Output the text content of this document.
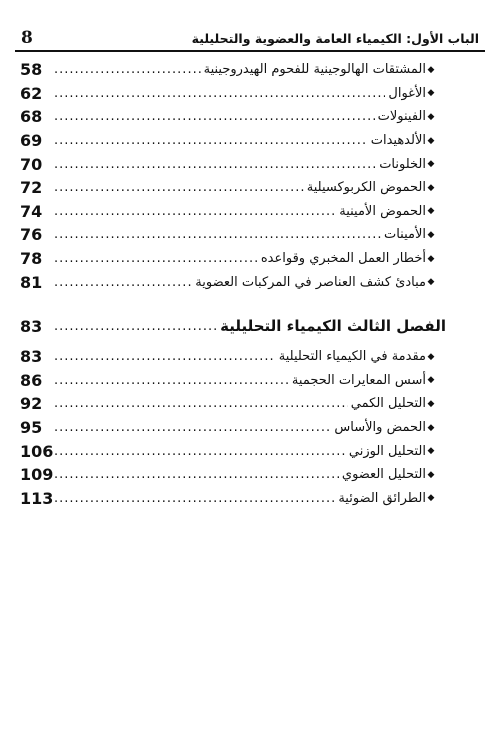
8	الباب الأول: الكيمياء العامة والعضوية والتحليلية
◆
المشتقات الهالوجينية للفحوم الهيدروجينية
.....
58
◆
الأغوال
.....
62
◆
الفينولات
.....
68
◆
الألدهيدات
.....
69
◆
الخلونات
.....
70
◆
الحموض الكربوكسيلية
.....
72
◆
الحموض الأمينية
.....
74
◆
الأمينات
.....
76
◆
أخطار العمل المخبري وقواعده
.....
78
◆
مبادئ كشف العناصر في المركبات العضوية
.....
81
الفصل الثالث الكيمياء التحليلية
.....
83
◆
مقدمة في الكيمياء التحليلية
.....
83
◆
أسس المعايرات الحجمية
.....
86
◆
التحليل الكمي
.....
92
◆
الحمض والأساس
.....
95
◆
التحليل الوزني
.....
106
◆
التحليل العضوي
.....
109
◆
الطرائق الضوئية
.....
113
